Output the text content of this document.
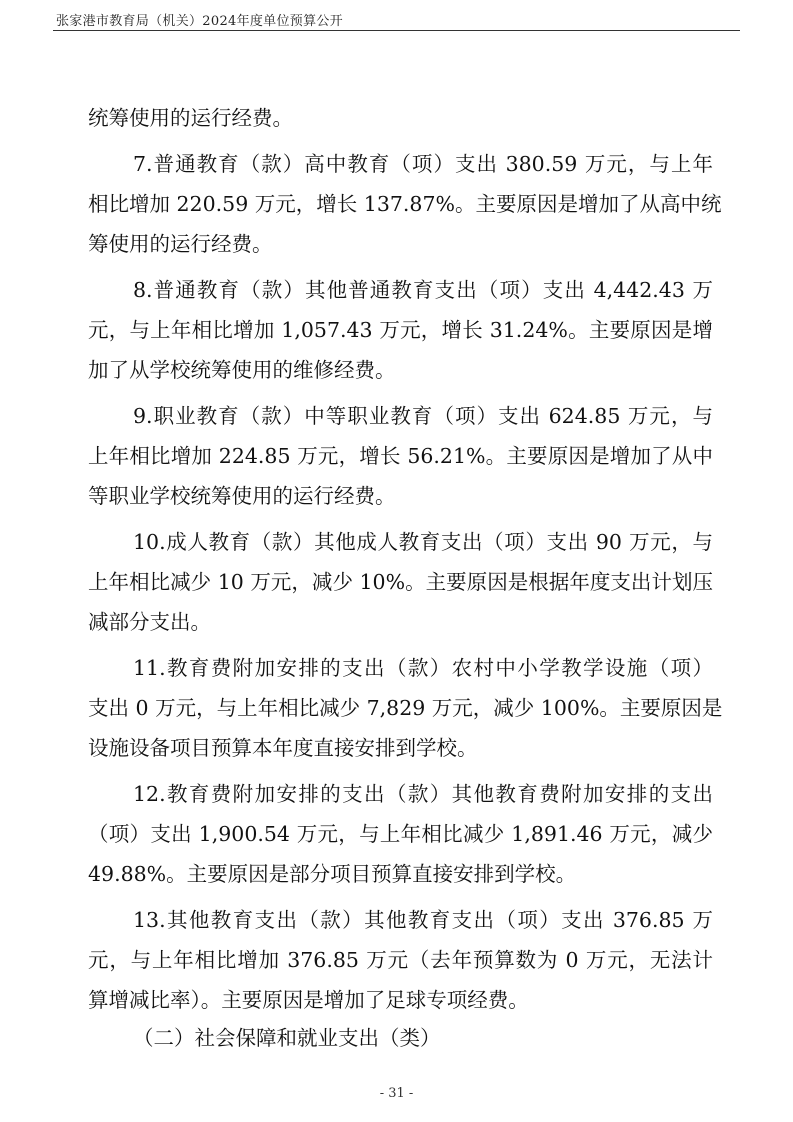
张家港市教育局（机关）2024年度单位预算公开
统筹使用的运行经费。
7.普通教育（款）高中教育（项）支出 380.59 万元，与上年
相比增加 220.59 万元，增长 137.87%。主要原因是增加了从高中统
筹使用的运行经费。
8.普通教育（款）其他普通教育支出（项）支出 4,442.43 万
元，与上年相比增加 1,057.43 万元，增长 31.24%。主要原因是增
加了从学校统筹使用的维修经费。
9.职业教育（款）中等职业教育（项）支出 624.85 万元，与
上年相比增加 224.85 万元，增长 56.21%。主要原因是增加了从中
等职业学校统筹使用的运行经费。
10.成人教育（款）其他成人教育支出（项）支出 90 万元，与
上年相比减少 10 万元，减少 10%。主要原因是根据年度支出计划压
减部分支出。
11.教育费附加安排的支出（款）农村中小学教学设施（项）
支出 0 万元，与上年相比减少 7,829 万元，减少 100%。主要原因是
设施设备项目预算本年度直接安排到学校。
12.教育费附加安排的支出（款）其他教育费附加安排的支出
（项）支出 1,900.54 万元，与上年相比减少 1,891.46 万元，减少
49.88%。主要原因是部分项目预算直接安排到学校。
13.其他教育支出（款）其他教育支出（项）支出 376.85 万
元，与上年相比增加 376.85 万元（去年预算数为 0 万元，无法计
算增减比率）。主要原因是增加了足球专项经费。
（二）社会保障和就业支出（类）
- 31 -
